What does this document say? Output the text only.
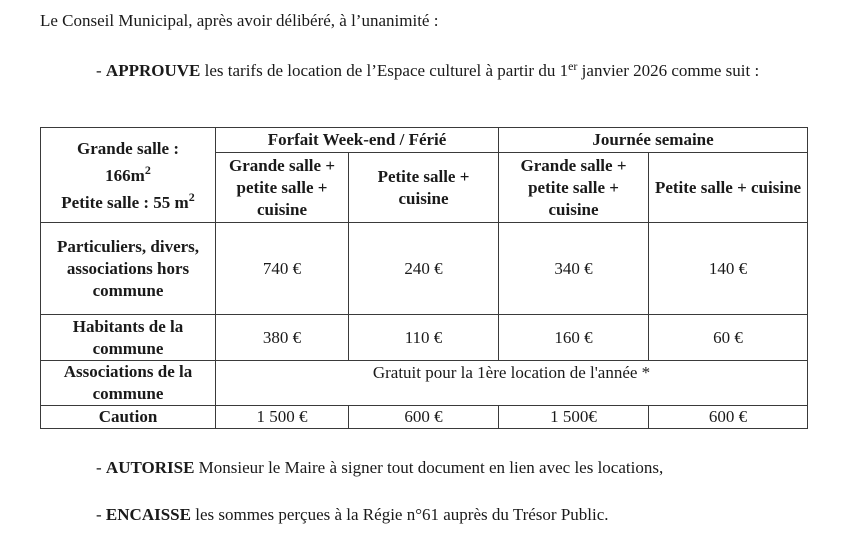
Le Conseil Municipal, après avoir délibéré, à l’unanimité :
- APPROUVE les tarifs de location de l’Espace culturel à partir du 1er janvier 2026 comme suit :
Grande salle :
$166m^2$
Petite salle : 55 $m^2$	Forfait Week-end / Férié		Journée semaine	
	Grande salle + petite salle + cuisine	Petite salle + cuisine	Grande salle + petite salle + cuisine	Petite salle + cuisine
Particuliers, divers, associations hors commune	740 €	240 €	340 €	140 €
Habitants de la commune	380 €	110 €	160 €	60 €
Associations de la commune	Gratuit pour la 1ère location de l'année *			
Caution	1 500 €	600 €	1 500€	600 €
- AUTORISE Monsieur le Maire à signer tout document en lien avec les locations,
- ENCAISSE les sommes perçues à la Régie n°61 auprès du Trésor Public.
